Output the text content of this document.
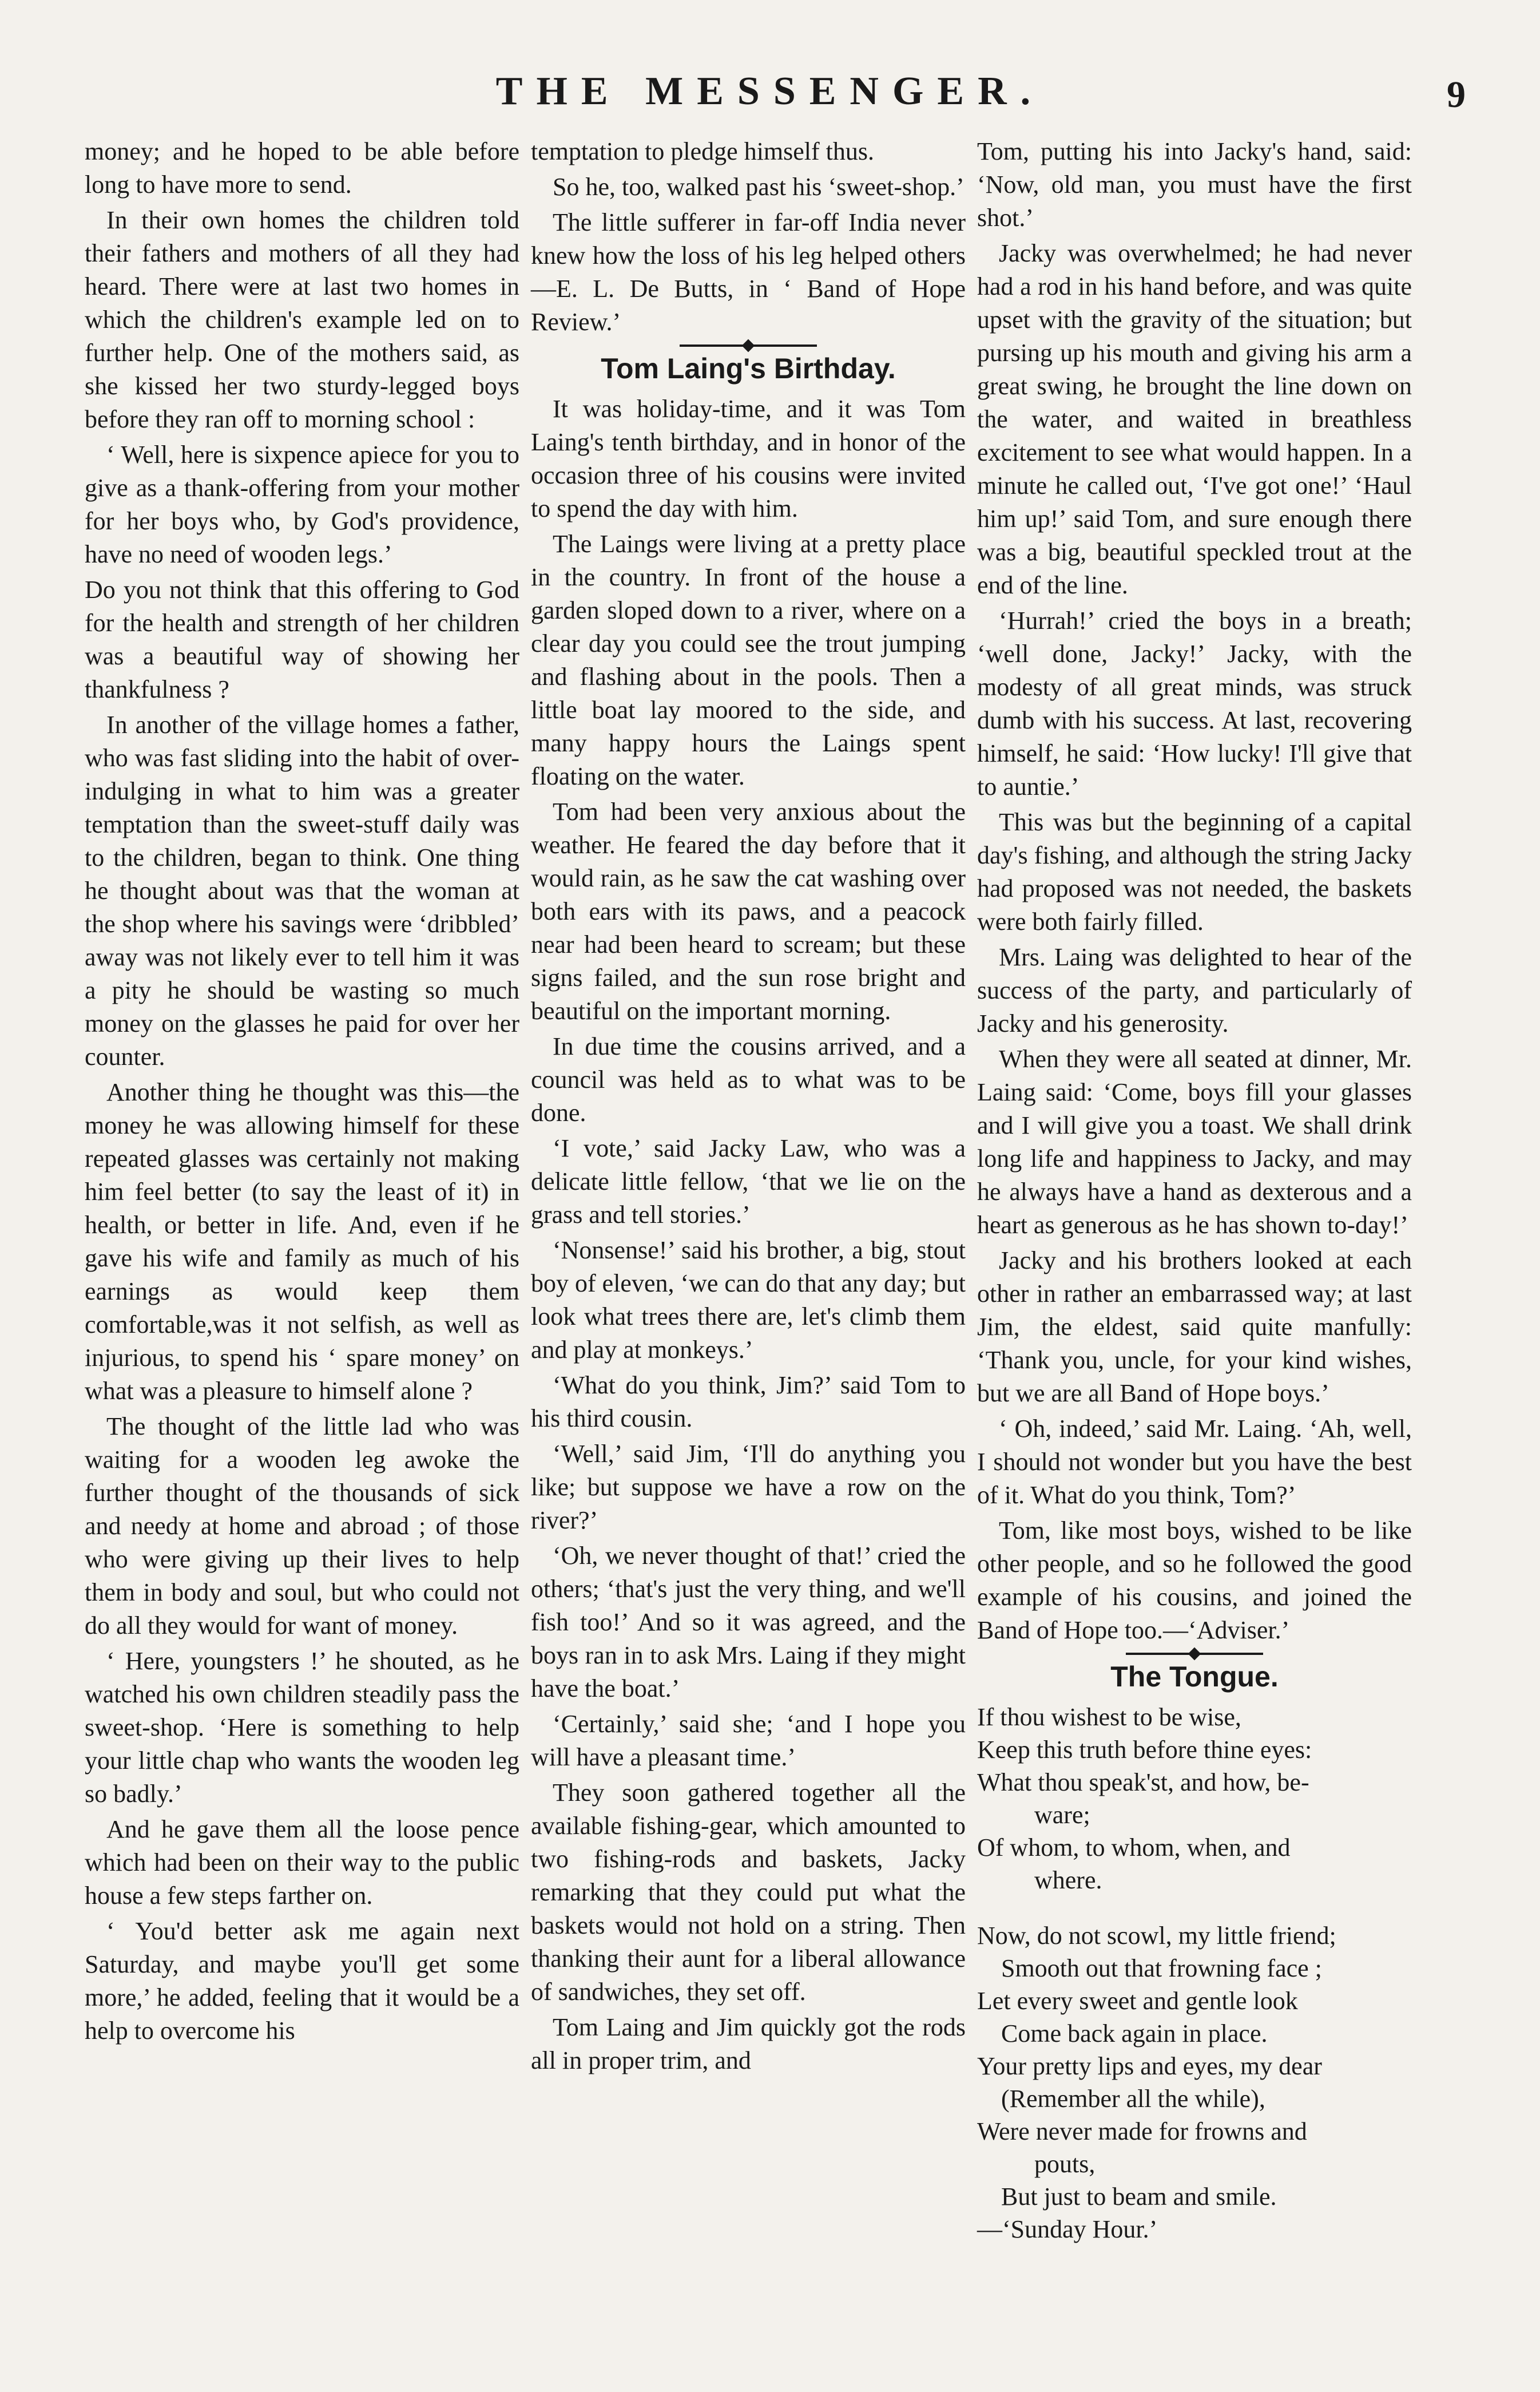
THE MESSENGER.	9

money; and he hoped to be able before long to have more to send.

In their own homes the children told their fathers and mothers of all they had heard. There were at last two homes in which the children's example led on to further help. One of the mothers said, as she kissed her two sturdy-legged boys before they ran off to morning school :

‘ Well, here is sixpence apiece for you to give as a thank-offering from your mother for her boys who, by God's providence, have no need of wooden legs.’

Do you not think that this offering to God for the health and strength of her children was a beautiful way of showing her thankfulness ?

In another of the village homes a father, who was fast sliding into the habit of over-indulging in what to him was a greater temptation than the sweet-stuff daily was to the children, began to think. One thing he thought about was that the woman at the shop where his savings were ‘dribbled’ away was not likely ever to tell him it was a pity he should be wasting so much money on the glasses he paid for over her counter.

Another thing he thought was this—the money he was allowing himself for these repeated glasses was certainly not making him feel better (to say the least of it) in health, or better in life. And, even if he gave his wife and family as much of his earnings as would keep them comfortable,was it not selfish, as well as injurious, to spend his ‘ spare money’ on what was a pleasure to himself alone ?

The thought of the little lad who was waiting for a wooden leg awoke the further thought of the thousands of sick and needy at home and abroad ; of those who were giving up their lives to help them in body and soul, but who could not do all they would for want of money.

‘ Here, youngsters !’ he shouted, as he watched his own children steadily pass the sweet-shop. ‘Here is something to help your little chap who wants the wooden leg so badly.’

And he gave them all the loose pence which had been on their way to the public house a few steps farther on.

‘ You'd better ask me again next Saturday, and maybe you'll get some more,’ he added, feeling that it would be a help to overcome his

temptation to pledge himself thus.

So he, too, walked past his ‘sweet-shop.’

The little sufferer in far-off India never knew how the loss of his leg helped others—E. L. De Butts, in ‘ Band of Hope Review.’

Tom Laing's Birthday.

It was holiday-time, and it was Tom Laing's tenth birthday, and in honor of the occasion three of his cousins were invited to spend the day with him.

The Laings were living at a pretty place in the country. In front of the house a garden sloped down to a river, where on a clear day you could see the trout jumping and flashing about in the pools. Then a little boat lay moored to the side, and many happy hours the Laings spent floating on the water.

Tom had been very anxious about the weather. He feared the day before that it would rain, as he saw the cat washing over both ears with its paws, and a peacock near had been heard to scream; but these signs failed, and the sun rose bright and beautiful on the important morning.

In due time the cousins arrived, and a council was held as to what was to be done.

‘I vote,’ said Jacky Law, who was a delicate little fellow, ‘that we lie on the grass and tell stories.’

‘Nonsense!’ said his brother, a big, stout boy of eleven, ‘we can do that any day; but look what trees there are, let's climb them and play at monkeys.’

‘What do you think, Jim?’ said Tom to his third cousin.

‘Well,’ said Jim, ‘I'll do anything you like; but suppose we have a row on the river?’

‘Oh, we never thought of that!’ cried the others; ‘that's just the very thing, and we'll fish too!’ And so it was agreed, and the boys ran in to ask Mrs. Laing if they might have the boat.’

‘Certainly,’ said she; ‘and I hope you will have a pleasant time.’

They soon gathered together all the available fishing-gear, which amounted to two fishing-rods and baskets, Jacky remarking that they could put what the baskets would not hold on a string. Then thanking their aunt for a liberal allowance of sandwiches, they set off.

Tom Laing and Jim quickly got the rods all in proper trim, and

Tom, putting his into Jacky's hand, said: ‘Now, old man, you must have the first shot.’

Jacky was overwhelmed; he had never had a rod in his hand before, and was quite upset with the gravity of the situation; but pursing up his mouth and giving his arm a great swing, he brought the line down on the water, and waited in breathless excitement to see what would happen. In a minute he called out, ‘I've got one!’ ‘Haul him up!’ said Tom, and sure enough there was a big, beautiful speckled trout at the end of the line.

‘Hurrah!’ cried the boys in a breath; ‘well done, Jacky!’ Jacky, with the modesty of all great minds, was struck dumb with his success. At last, recovering himself, he said: ‘How lucky! I'll give that to auntie.’

This was but the beginning of a capital day's fishing, and although the string Jacky had proposed was not needed, the baskets were both fairly filled.

Mrs. Laing was delighted to hear of the success of the party, and particularly of Jacky and his generosity.

When they were all seated at dinner, Mr. Laing said: ‘Come, boys fill your glasses and I will give you a toast. We shall drink long life and happiness to Jacky, and may he always have a hand as dexterous and a heart as generous as he has shown to-day!’

Jacky and his brothers looked at each other in rather an embarrassed way; at last Jim, the eldest, said quite manfully: ‘Thank you, uncle, for your kind wishes, but we are all Band of Hope boys.’

‘ Oh, indeed,’ said Mr. Laing. ‘Ah, well, I should not wonder but you have the best of it. What do you think, Tom?’

Tom, like most boys, wished to be like other people, and so he followed the good example of his cousins, and joined the Band of Hope too.—‘Adviser.’

The Tongue.
If thou wishest to be wise,
Keep this truth before thine eyes:
What thou speak'st, and how, be-
ware;
Of whom, to whom, when, and
where.
Now, do not scowl, my little friend;
Smooth out that frowning face ;
Let every sweet and gentle look
Come back again in place.
Your pretty lips and eyes, my dear
(Remember all the while),
Were never made for frowns and
pouts,
But just to beam and smile.
—‘Sunday Hour.’
